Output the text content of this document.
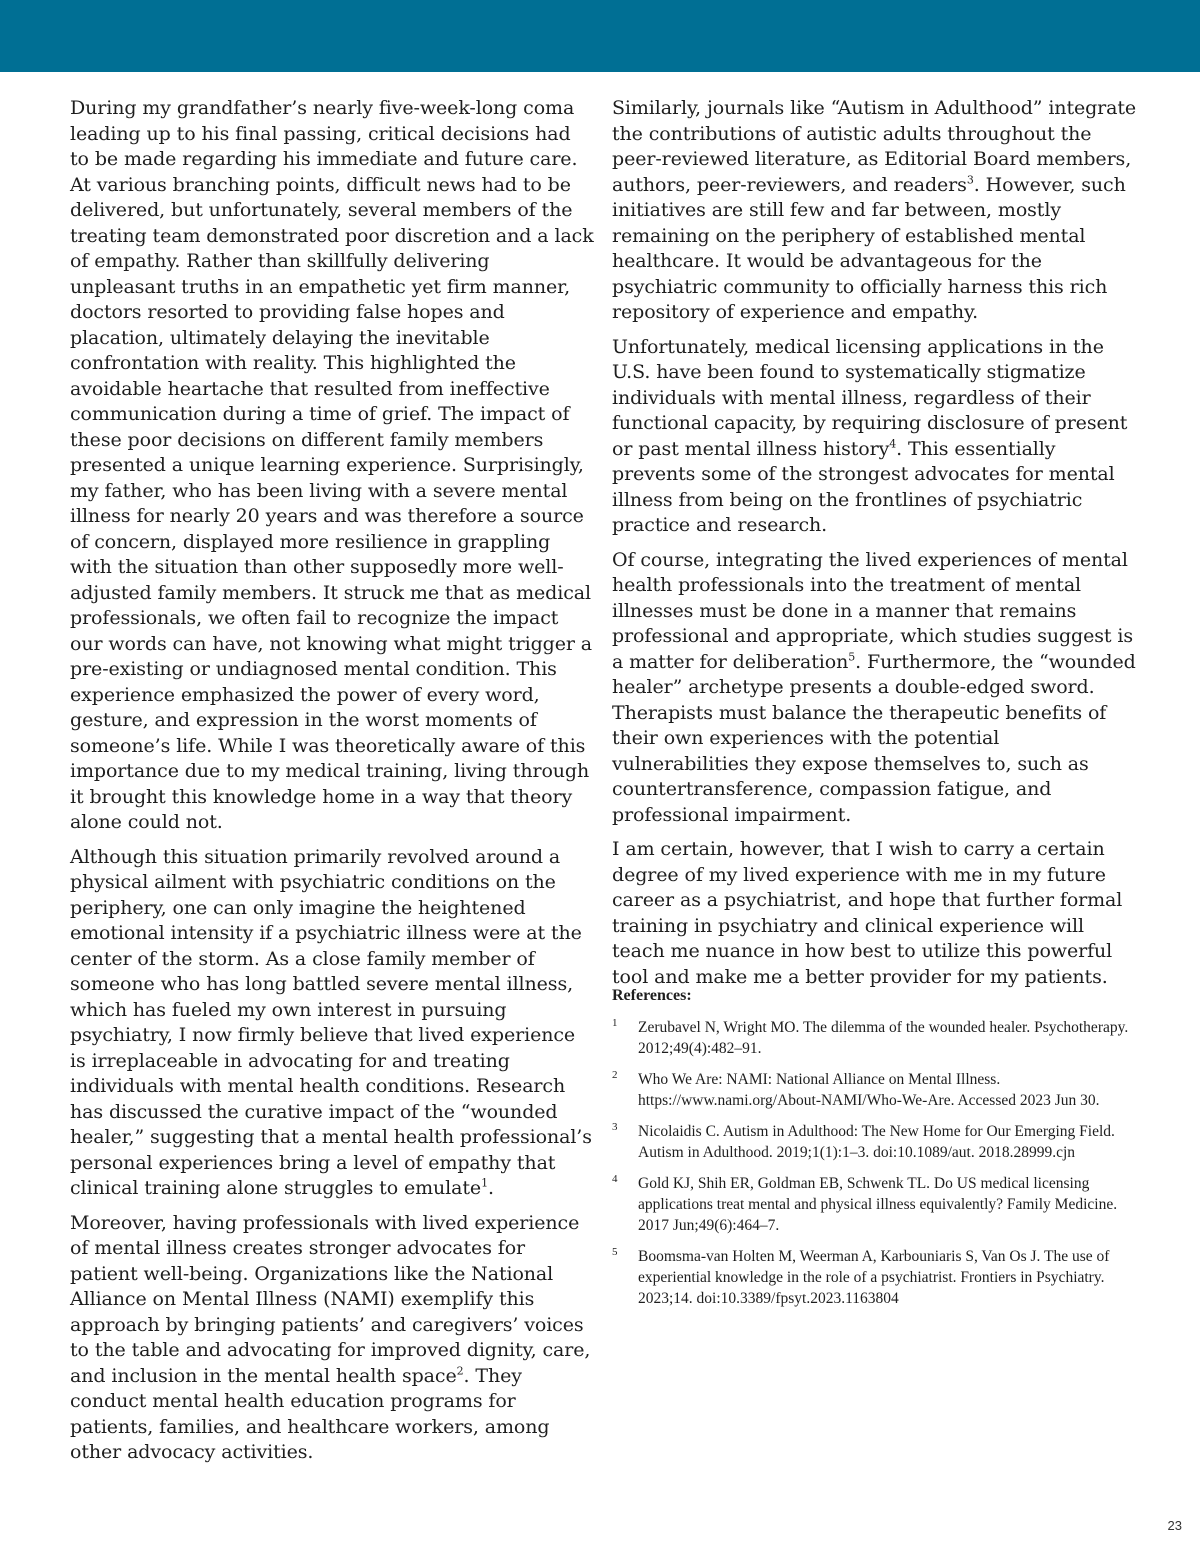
During my grandfather’s nearly five-week-long coma leading up to his final passing, critical decisions had to be made regarding his immediate and future care. At various branching points, difficult news had to be delivered, but unfortunately, several members of the treating team demonstrated poor discretion and a lack of empathy. Rather than skillfully delivering unpleasant truths in an empathetic yet firm manner, doctors resorted to providing false hopes and placation, ultimately delaying the inevitable confrontation with reality. This highlighted the avoidable heartache that resulted from ineffective communication during a time of grief. The impact of these poor decisions on different family members presented a unique learning experience. Surprisingly, my father, who has been living with a severe mental illness for nearly 20 years and was therefore a source of concern, displayed more resilience in grappling with the situation than other supposedly more well-adjusted family members. It struck me that as medical professionals, we often fail to recognize the impact our words can have, not knowing what might trigger a pre-existing or undiagnosed mental condition. This experience emphasized the power of every word, gesture, and expression in the worst moments of someone’s life. While I was theoretically aware of this importance due to my medical training, living through it brought this knowledge home in a way that theory alone could not.

Although this situation primarily revolved around a physical ailment with psychiatric conditions on the periphery, one can only imagine the heightened emotional intensity if a psychiatric illness were at the center of the storm. As a close family member of someone who has long battled severe mental illness, which has fueled my own interest in pursuing psychiatry, I now firmly believe that lived experience is irreplaceable in advocating for and treating individuals with mental health conditions. Research has discussed the curative impact of the “wounded healer,” suggesting that a mental health professional’s personal experiences bring a level of empathy that clinical training alone struggles to emulate$^1$.

Moreover, having professionals with lived experience of mental illness creates stronger advocates for patient well-being. Organizations like the National Alliance on Mental Illness (NAMI) exemplify this approach by bringing patients’ and caregivers’ voices to the table and advocating for improved dignity, care, and inclusion in the mental health space$^2$. They conduct mental health education programs for patients, families, and healthcare workers, among other advocacy activities.

Similarly, journals like “Autism in Adulthood” integrate the contributions of autistic adults throughout the peer-reviewed literature, as Editorial Board members, authors, peer-reviewers, and readers$^3$. However, such initiatives are still few and far between, mostly remaining on the periphery of established mental healthcare. It would be advantageous for the psychiatric community to officially harness this rich repository of experience and empathy.

Unfortunately, medical licensing applications in the U.S. have been found to systematically stigmatize individuals with mental illness, regardless of their functional capacity, by requiring disclosure of present or past mental illness history$^4$. This essentially prevents some of the strongest advocates for mental illness from being on the frontlines of psychiatric practice and research.

Of course, integrating the lived experiences of mental health professionals into the treatment of mental illnesses must be done in a manner that remains professional and appropriate, which studies suggest is a matter for deliberation$^5$. Furthermore, the “wounded healer” archetype presents a double-edged sword. Therapists must balance the therapeutic benefits of their own experiences with the potential vulnerabilities they expose themselves to, such as countertransference, compassion fatigue, and professional impairment.

I am certain, however, that I wish to carry a certain degree of my lived experience with me in my future career as a psychiatrist, and hope that further formal training in psychiatry and clinical experience will teach me nuance in how best to utilize this powerful tool and make me a better provider for my patients.

References:
1 Zerubavel N, Wright MO. The dilemma of the wounded healer. Psychotherapy. 2012;49(4):482–91.
2 Who We Are: NAMI: National Alliance on Mental Illness. https://www.nami.org/About-NAMI/Who-We-Are. Accessed 2023 Jun 30.
3 Nicolaidis C. Autism in Adulthood: The New Home for Our Emerging Field. Autism in Adulthood. 2019;1(1):1–3. doi:10.1089/aut. 2018.28999.cjn
4 Gold KJ, Shih ER, Goldman EB, Schwenk TL. Do US medical licensing applications treat mental and physical illness equivalently? Family Medicine. 2017 Jun;49(6):464–7.
5 Boomsma-van Holten M, Weerman A, Karbouniaris S, Van Os J. The use of experiential knowledge in the role of a psychiatrist. Frontiers in Psychiatry. 2023;14. doi:10.3389/fpsyt.2023.1163804
23
